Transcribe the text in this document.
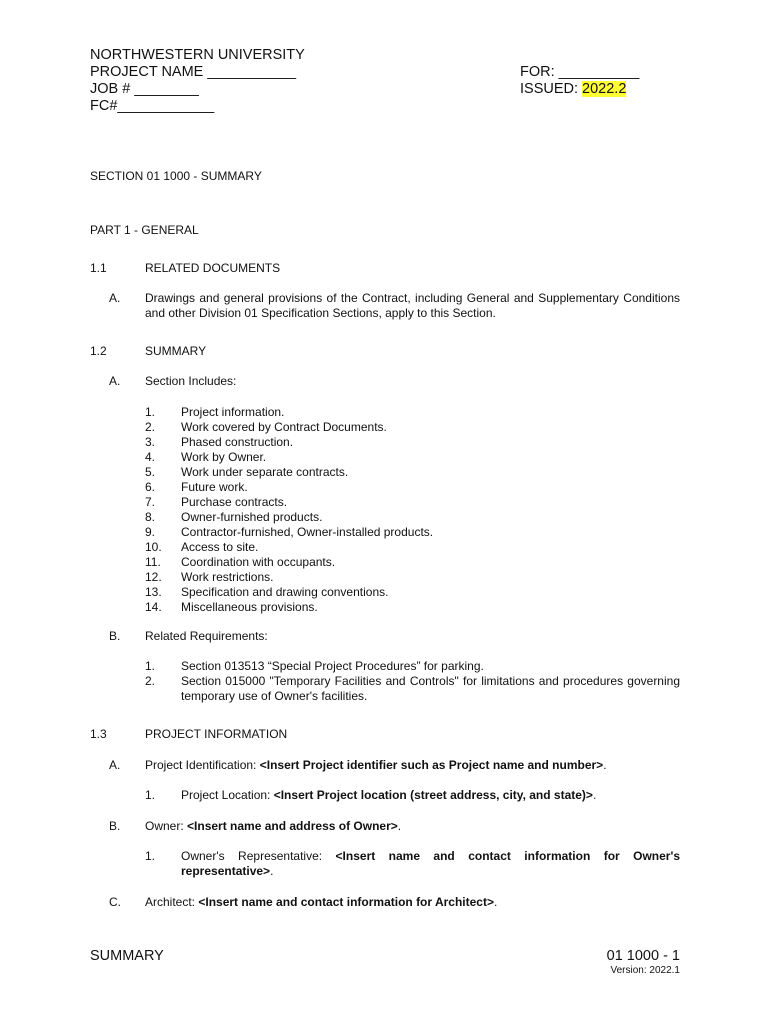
NORTHWESTERN UNIVERSITY
PROJECT NAME ___________
JOB # ________
FC#____________
FOR: __________
ISSUED: 2022.2
SECTION 01 1000 - SUMMARY
PART 1 - GENERAL
1.1	RELATED DOCUMENTS
A. Drawings and general provisions of the Contract, including General and Supplementary Conditions and other Division 01 Specification Sections, apply to this Section.
1.2	SUMMARY
A. Section Includes:
1.	Project information.
2.	Work covered by Contract Documents.
3.	Phased construction.
4.	Work by Owner.
5.	Work under separate contracts.
6.	Future work.
7.	Purchase contracts.
8.	Owner-furnished products.
9.	Contractor-furnished, Owner-installed products.
10.	Access to site.
11.	Coordination with occupants.
12.	Work restrictions.
13.	Specification and drawing conventions.
14.	Miscellaneous provisions.
B. Related Requirements:
1. Section 013513 “Special Project Procedures” for parking.
2. Section 015000 "Temporary Facilities and Controls" for limitations and procedures governing temporary use of Owner's facilities.
1.3	PROJECT INFORMATION
A. Project Identification: <Insert Project identifier such as Project name and number>.
1. Project Location: <Insert Project location (street address, city, and state)>.
B. Owner: <Insert name and address of Owner>.
1. Owner's Representative: <Insert name and contact information for Owner's representative>.
C. Architect: <Insert name and contact information for Architect>.
SUMMARY	01 1000 - 1
Version: 2022.1
